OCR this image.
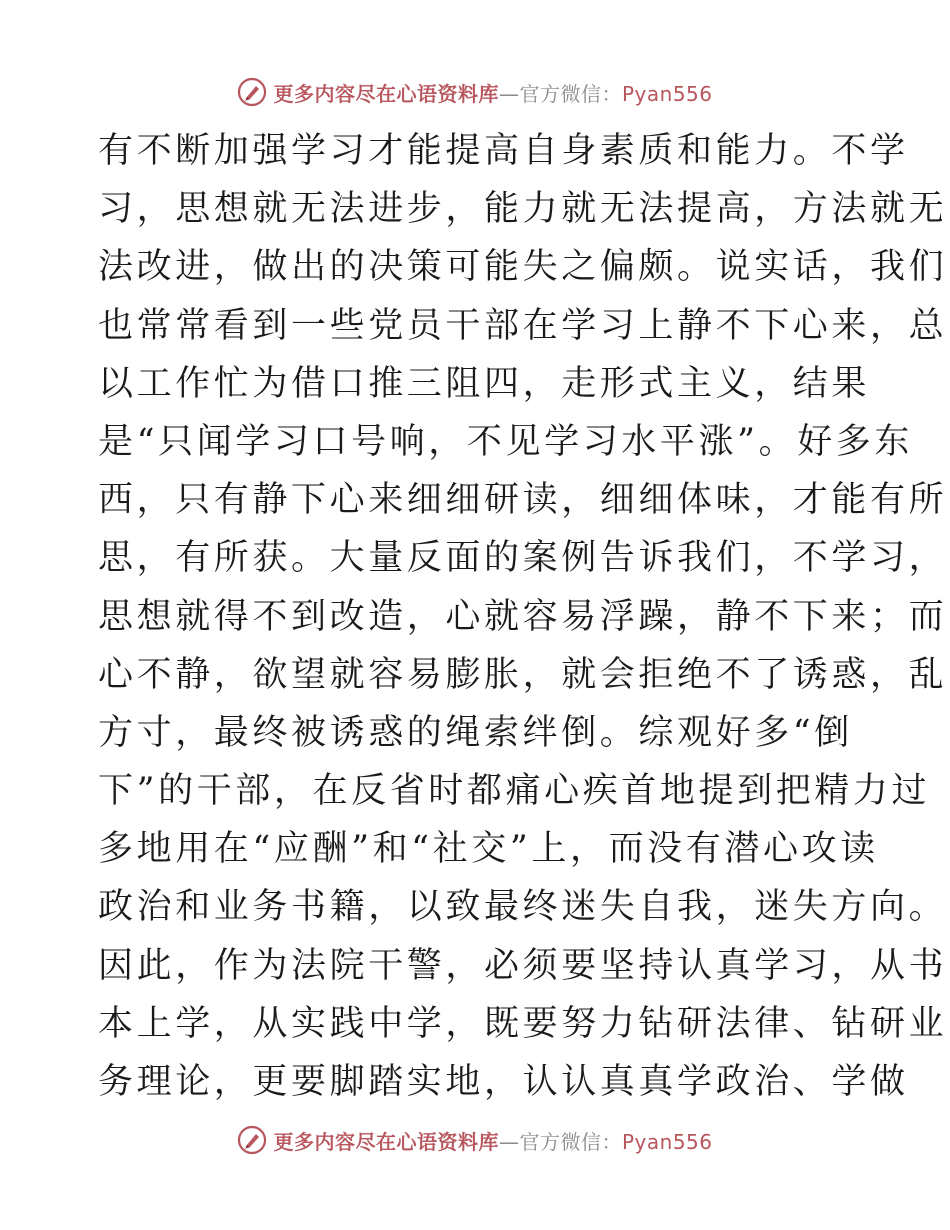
更多内容尽在心语资料库—官方微信：Pyan556
有不断加强学习才能提高自身素质和能力。不学
习，思想就无法进步，能力就无法提高，方法就无
法改进，做出的决策可能失之偏颇。说实话，我们
也常常看到一些党员干部在学习上静不下心来，总
以工作忙为借口推三阻四，走形式主义，结果
是“只闻学习口号响，不见学习水平涨”。好多东
西，只有静下心来细细研读，细细体味，才能有所
思，有所获。大量反面的案例告诉我们，不学习，
思想就得不到改造，心就容易浮躁，静不下来；而
心不静，欲望就容易膨胀，就会拒绝不了诱惑，乱
方寸，最终被诱惑的绳索绊倒。综观好多“倒
下”的干部，在反省时都痛心疾首地提到把精力过
多地用在“应酬”和“社交”上，而没有潜心攻读
政治和业务书籍，以致最终迷失自我，迷失方向。
因此，作为法院干警，必须要坚持认真学习，从书
本上学，从实践中学，既要努力钻研法律、钻研业
务理论，更要脚踏实地，认认真真学政治、学做
更多内容尽在心语资料库—官方微信：Pyan556
